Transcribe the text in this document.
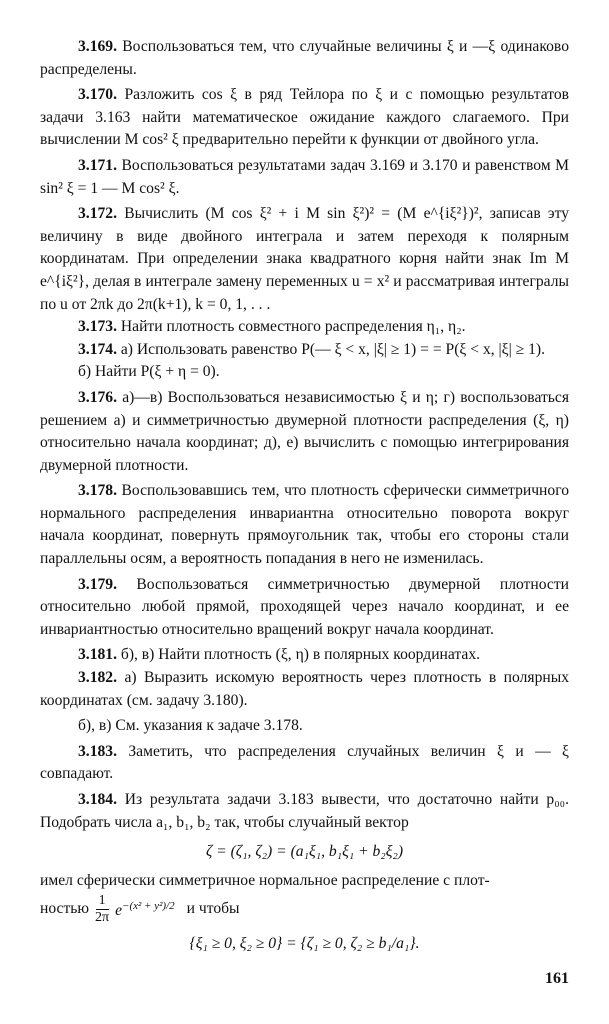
3.169. Воспользоваться тем, что случайные величины ξ и —ξ одинаково распределены.

3.170. Разложить cos ξ в ряд Тейлора по ξ и с помощью результатов задачи 3.163 найти математическое ожидание каждого слагаемого. При вычислении M cos² ξ предварительно перейти к функции от двойного угла.

3.171. Воспользоваться результатами задач 3.169 и 3.170 и равенством M sin² ξ = 1 — M cos² ξ.

3.172. Вычислить (M cos ξ² + i M sin ξ²)² = (M e^{iξ²})², записав эту величину в виде двойного интеграла и затем переходя к полярным координатам. При определении знака квадратного корня найти знак Im M e^{iξ²}, делая в интеграле замену переменных u = x² и рассматривая интегралы по u от 2πk до 2π(k+1), k = 0, 1, . . .

3.173. Найти плотность совместного распределения η₁, η₂.

3.174. а) Использовать равенство P(— ξ < x, |ξ| ≥ 1) = = P(ξ < x, |ξ| ≥ 1).

б) Найти P(ξ + η = 0).

3.176. а)—в) Воспользоваться независимостью ξ и η; г) воспользоваться решением а) и симметричностью двумерной плотности распределения (ξ, η) относительно начала координат; д), е) вычислить с помощью интегрирования двумерной плотности.

3.178. Воспользовавшись тем, что плотность сферически симметричного нормального распределения инвариантна относительно поворота вокруг начала координат, повернуть прямоугольник так, чтобы его стороны стали параллельны осям, а вероятность попадания в него не изменилась.

3.179. Воспользоваться симметричностью двумерной плотности относительно любой прямой, проходящей через начало координат, и ее инвариантностью относительно вращений вокруг начала координат.

3.181. б), в) Найти плотность (ξ, η) в полярных координатах.

3.182. а) Выразить искомую вероятность через плотность в полярных координатах (см. задачу 3.180).

б), в) См. указания к задаче 3.178.

3.183. Заметить, что распределения случайных величин ξ и — ξ совпадают.

3.184. Из результата задачи 3.183 вывести, что достаточно найти p₀₀. Подобрать числа a₁, b₁, b₂ так, чтобы случайный вектор

ζ = (ζ₁, ζ₂) = (a₁ξ₁, b₁ξ₁ + b₂ξ₂)

имел сферически симметричное нормальное распределение с плот-

ностью $\frac{1}{2\pi} e^{-(x^2 + y^2)/2}$ и чтобы
{ξ₁ ≥ 0, ξ₂ ≥ 0} = {ζ₁ ≥ 0, ζ₂ ≥ b₁/a₁}.
161
